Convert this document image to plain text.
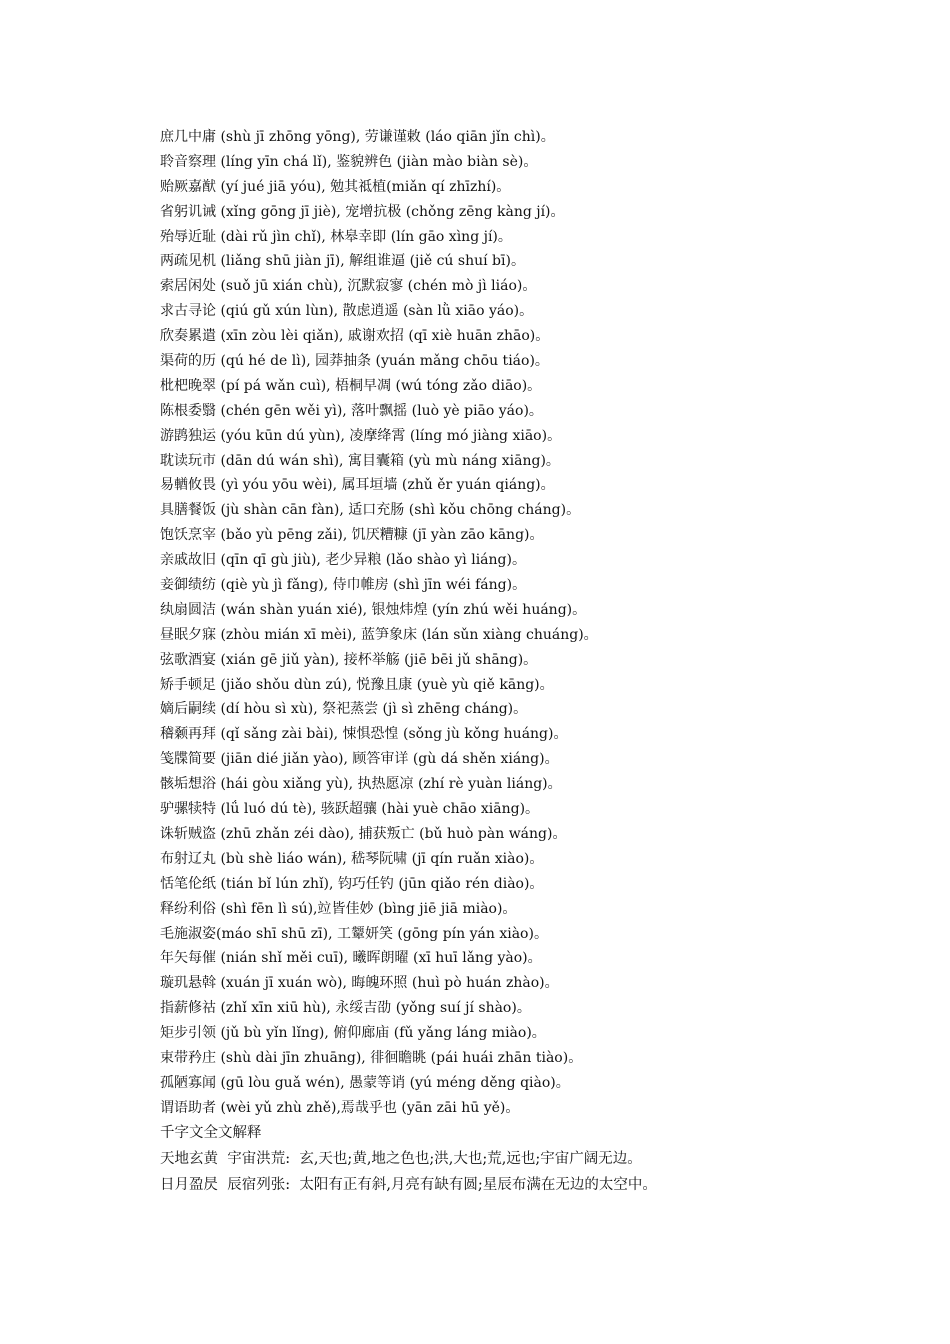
庶几中庸 (shù jī zhōng yōng), 劳谦谨敕 (láo qiān jǐn chì)。
聆音察理 (líng yīn chá lǐ), 鉴貌辨色 (jiàn mào biàn sè)。
贻厥嘉猷 (yí jué jiā yóu), 勉其祗植(miǎn qí zhīzhí)。
省躬讥诫 (xǐng gōng jī jiè), 宠增抗极 (chǒng zēng kàng jí)。
殆辱近耻 (dài rǔ jìn chǐ), 林皋幸即 (lín gāo xìng jí)。
两疏见机 (liǎng shū jiàn jī), 解组谁逼 (jiě cú shuí bī)。
索居闲处 (suǒ jū xián chù), 沉默寂寥 (chén mò jì liáo)。
求古寻论 (qiú gǔ xún lùn), 散虑逍遥 (sàn lǜ xiāo yáo)。
欣奏累遣 (xīn zòu lèi qiǎn), 戚谢欢招 (qī xiè huān zhāo)。
渠荷的历 (qú hé de lì), 园莽抽条 (yuán mǎng chōu tiáo)。
枇杷晚翠 (pí pá wǎn cuì), 梧桐早凋 (wú tóng zǎo diāo)。
陈根委翳 (chén gēn wěi yì), 落叶飘摇 (luò yè piāo yáo)。
游鹍独运 (yóu kūn dú yùn), 凌摩绛霄 (líng mó jiàng xiāo)。
耽读玩市 (dān dú wán shì), 寓目囊箱 (yù mù náng xiāng)。
易輶攸畏 (yì yóu yōu wèi), 属耳垣墙 (zhǔ ěr yuán qiáng)。
具膳餐饭 (jù shàn cān fàn), 适口充肠 (shì kǒu chōng cháng)。
饱饫烹宰 (bǎo yù pēng zǎi), 饥厌糟糠 (jī yàn zāo kāng)。
亲戚故旧 (qīn qī gù jiù), 老少异粮 (lǎo shào yì liáng)。
妾御绩纺 (qiè yù jì fǎng), 侍巾帷房 (shì jīn wéi fáng)。
纨扇圆洁 (wán shàn yuán xié), 银烛炜煌 (yín zhú wěi huáng)。
昼眠夕寐 (zhòu mián xī mèi), 蓝笋象床 (lán sǔn xiàng chuáng)。
弦歌酒宴 (xián gē jiǔ yàn), 接杯举觞 (jiē bēi jǔ shāng)。
矫手顿足 (jiǎo shǒu dùn zú), 悦豫且康 (yuè yù qiě kāng)。
嫡后嗣续 (dí hòu sì xù), 祭祀蒸尝 (jì sì zhēng cháng)。
稽颡再拜 (qǐ sǎng zài bài), 悚惧恐惶 (sǒng jù kǒng huáng)。
笺牒简要 (jiān dié jiǎn yào), 顾答审详 (gù dá shěn xiáng)。
骸垢想浴 (hái gòu xiǎng yù), 执热愿凉 (zhí rè yuàn liáng)。
驴骡犊特 (lǘ luó dú tè), 骇跃超骧 (hài yuè chāo xiāng)。
诛斩贼盗 (zhū zhǎn zéi dào), 捕获叛亡 (bǔ huò pàn wáng)。
布射辽丸 (bù shè liáo wán), 嵇琴阮啸 (jī qín ruǎn xiào)。
恬笔伦纸 (tián bǐ lún zhǐ), 钧巧任钓 (jūn qiǎo rén diào)。
释纷利俗 (shì fēn lì sú),竝皆佳妙 (bìng jiē jiā miào)。
毛施淑姿(máo shī shū zī), 工颦妍笑 (gōng pín yán xiào)。
年矢每催 (nián shǐ měi cuī), 曦晖朗曜 (xī huī lǎng yào)。
璇玑悬斡 (xuán jī xuán wò), 晦魄环照 (huì pò huán zhào)。
指薪修祜 (zhǐ xīn xiū hù), 永绥吉劭 (yǒng suí jí shào)。
矩步引领 (jǔ bù yǐn lǐng), 俯仰廊庙 (fǔ yǎng láng miào)。
束带矜庄 (shù dài jīn zhuāng), 徘徊瞻眺 (pái huái zhān tiào)。
孤陋寡闻 (gū lòu guǎ wén), 愚蒙等诮 (yú méng děng qiào)。
谓语助者 (wèi yǔ zhù zhě),焉哉乎也 (yān zāi hū yě)。
千字文全文解释
天地玄黄  宇宙洪荒:  玄,天也;黄,地之色也;洪,大也;荒,远也;宇宙广阔无边。
日月盈昃  辰宿列张:  太阳有正有斜,月亮有缺有圆;星辰布满在无边的太空中。
